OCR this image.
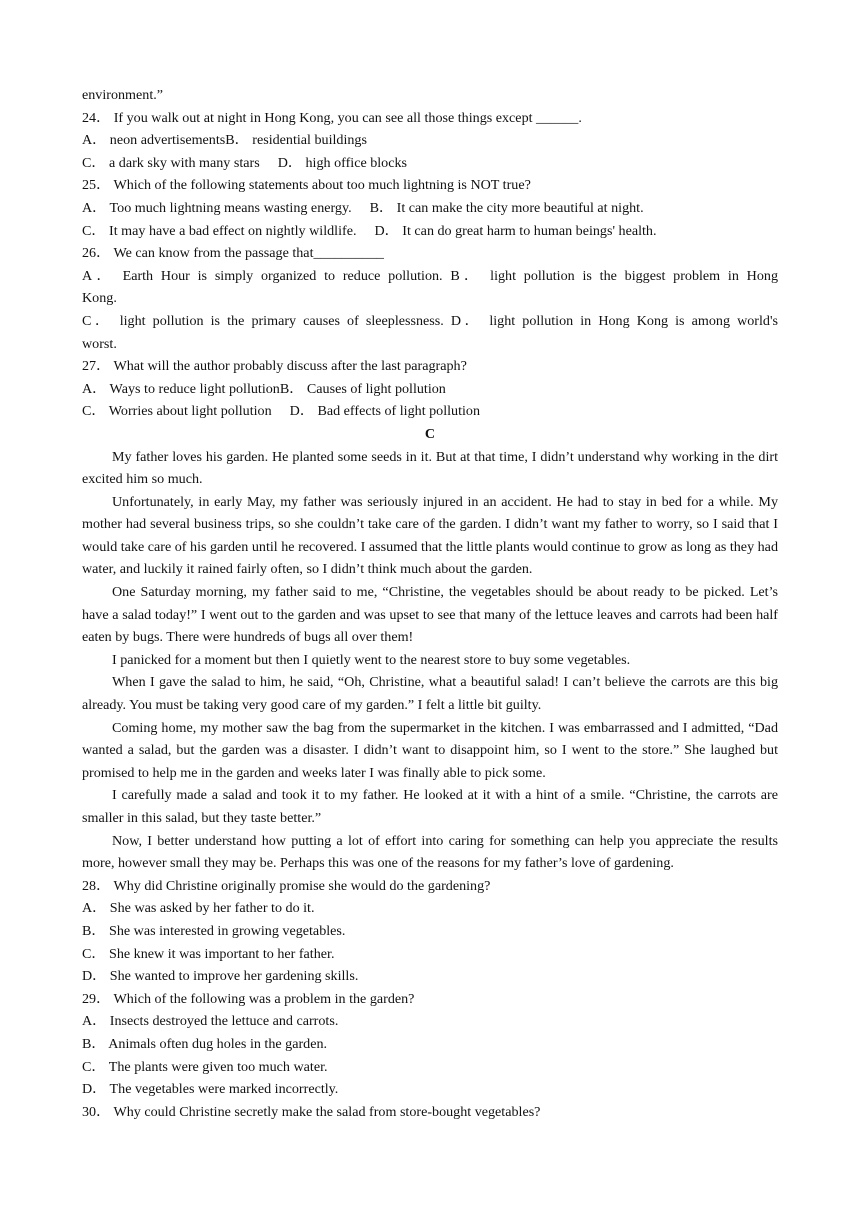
environment.”
24． If you walk out at night in Hong Kong, you can see all those things except ______.
A． neon advertisements B． residential buildings
C． a dark sky with many stars D． high office blocks
25． Which of the following statements about too much lightning is NOT true?
A． Too much lightning means wasting energy. B． It can make the city more beautiful at night.
C． It may have a bad effect on nightly wildlife. D． It can do great harm to human beings' health.
26． We can know from the passage that__________
A． Earth Hour is simply organized to reduce pollution. B． light pollution is the biggest problem in Hong
Kong.
C． light pollution is the primary causes of sleeplessness. D． light pollution in Hong Kong is among world's
worst.
27． What will the author probably discuss after the last paragraph?
A． Ways to reduce light pollution B． Causes of light pollution
C． Worries about light pollution D． Bad effects of light pollution
C
My father loves his garden. He planted some seeds in it. But at that time, I didn’t understand why working in the dirt excited him so much.
Unfortunately, in early May, my father was seriously injured in an accident. He had to stay in bed for a while. My mother had several business trips, so she couldn’t take care of the garden. I didn’t want my father to worry, so I said that I would take care of his garden until he recovered. I assumed that the little plants would continue to grow as long as they had water, and luckily it rained fairly often, so I didn’t think much about the garden.
One Saturday morning, my father said to me, “Christine, the vegetables should be about ready to be picked. Let’s have a salad today!” I went out to the garden and was upset to see that many of the lettuce leaves and carrots had been half eaten by bugs. There were hundreds of bugs all over them!
I panicked for a moment but then I quietly went to the nearest store to buy some vegetables.
When I gave the salad to him, he said, “Oh, Christine, what a beautiful salad! I can’t believe the carrots are this big already. You must be taking very good care of my garden.” I felt a little bit guilty.
Coming home, my mother saw the bag from the supermarket in the kitchen. I was embarrassed and I admitted, “Dad wanted a salad, but the garden was a disaster. I didn’t want to disappoint him, so I went to the store.” She laughed but promised to help me in the garden and weeks later I was finally able to pick some.
I carefully made a salad and took it to my father. He looked at it with a hint of a smile. “Christine, the carrots are smaller in this salad, but they taste better.”
Now, I better understand how putting a lot of effort into caring for something can help you appreciate the results more, however small they may be. Perhaps this was one of the reasons for my father’s love of gardening.
28． Why did Christine originally promise she would do the gardening?
A． She was asked by her father to do it.
B． She was interested in growing vegetables.
C． She knew it was important to her father.
D． She wanted to improve her gardening skills.
29． Which of the following was a problem in the garden?
A． Insects destroyed the lettuce and carrots.
B． Animals often dug holes in the garden.
C． The plants were given too much water.
D． The vegetables were marked incorrectly.
30． Why could Christine secretly make the salad from store-bought vegetables?
